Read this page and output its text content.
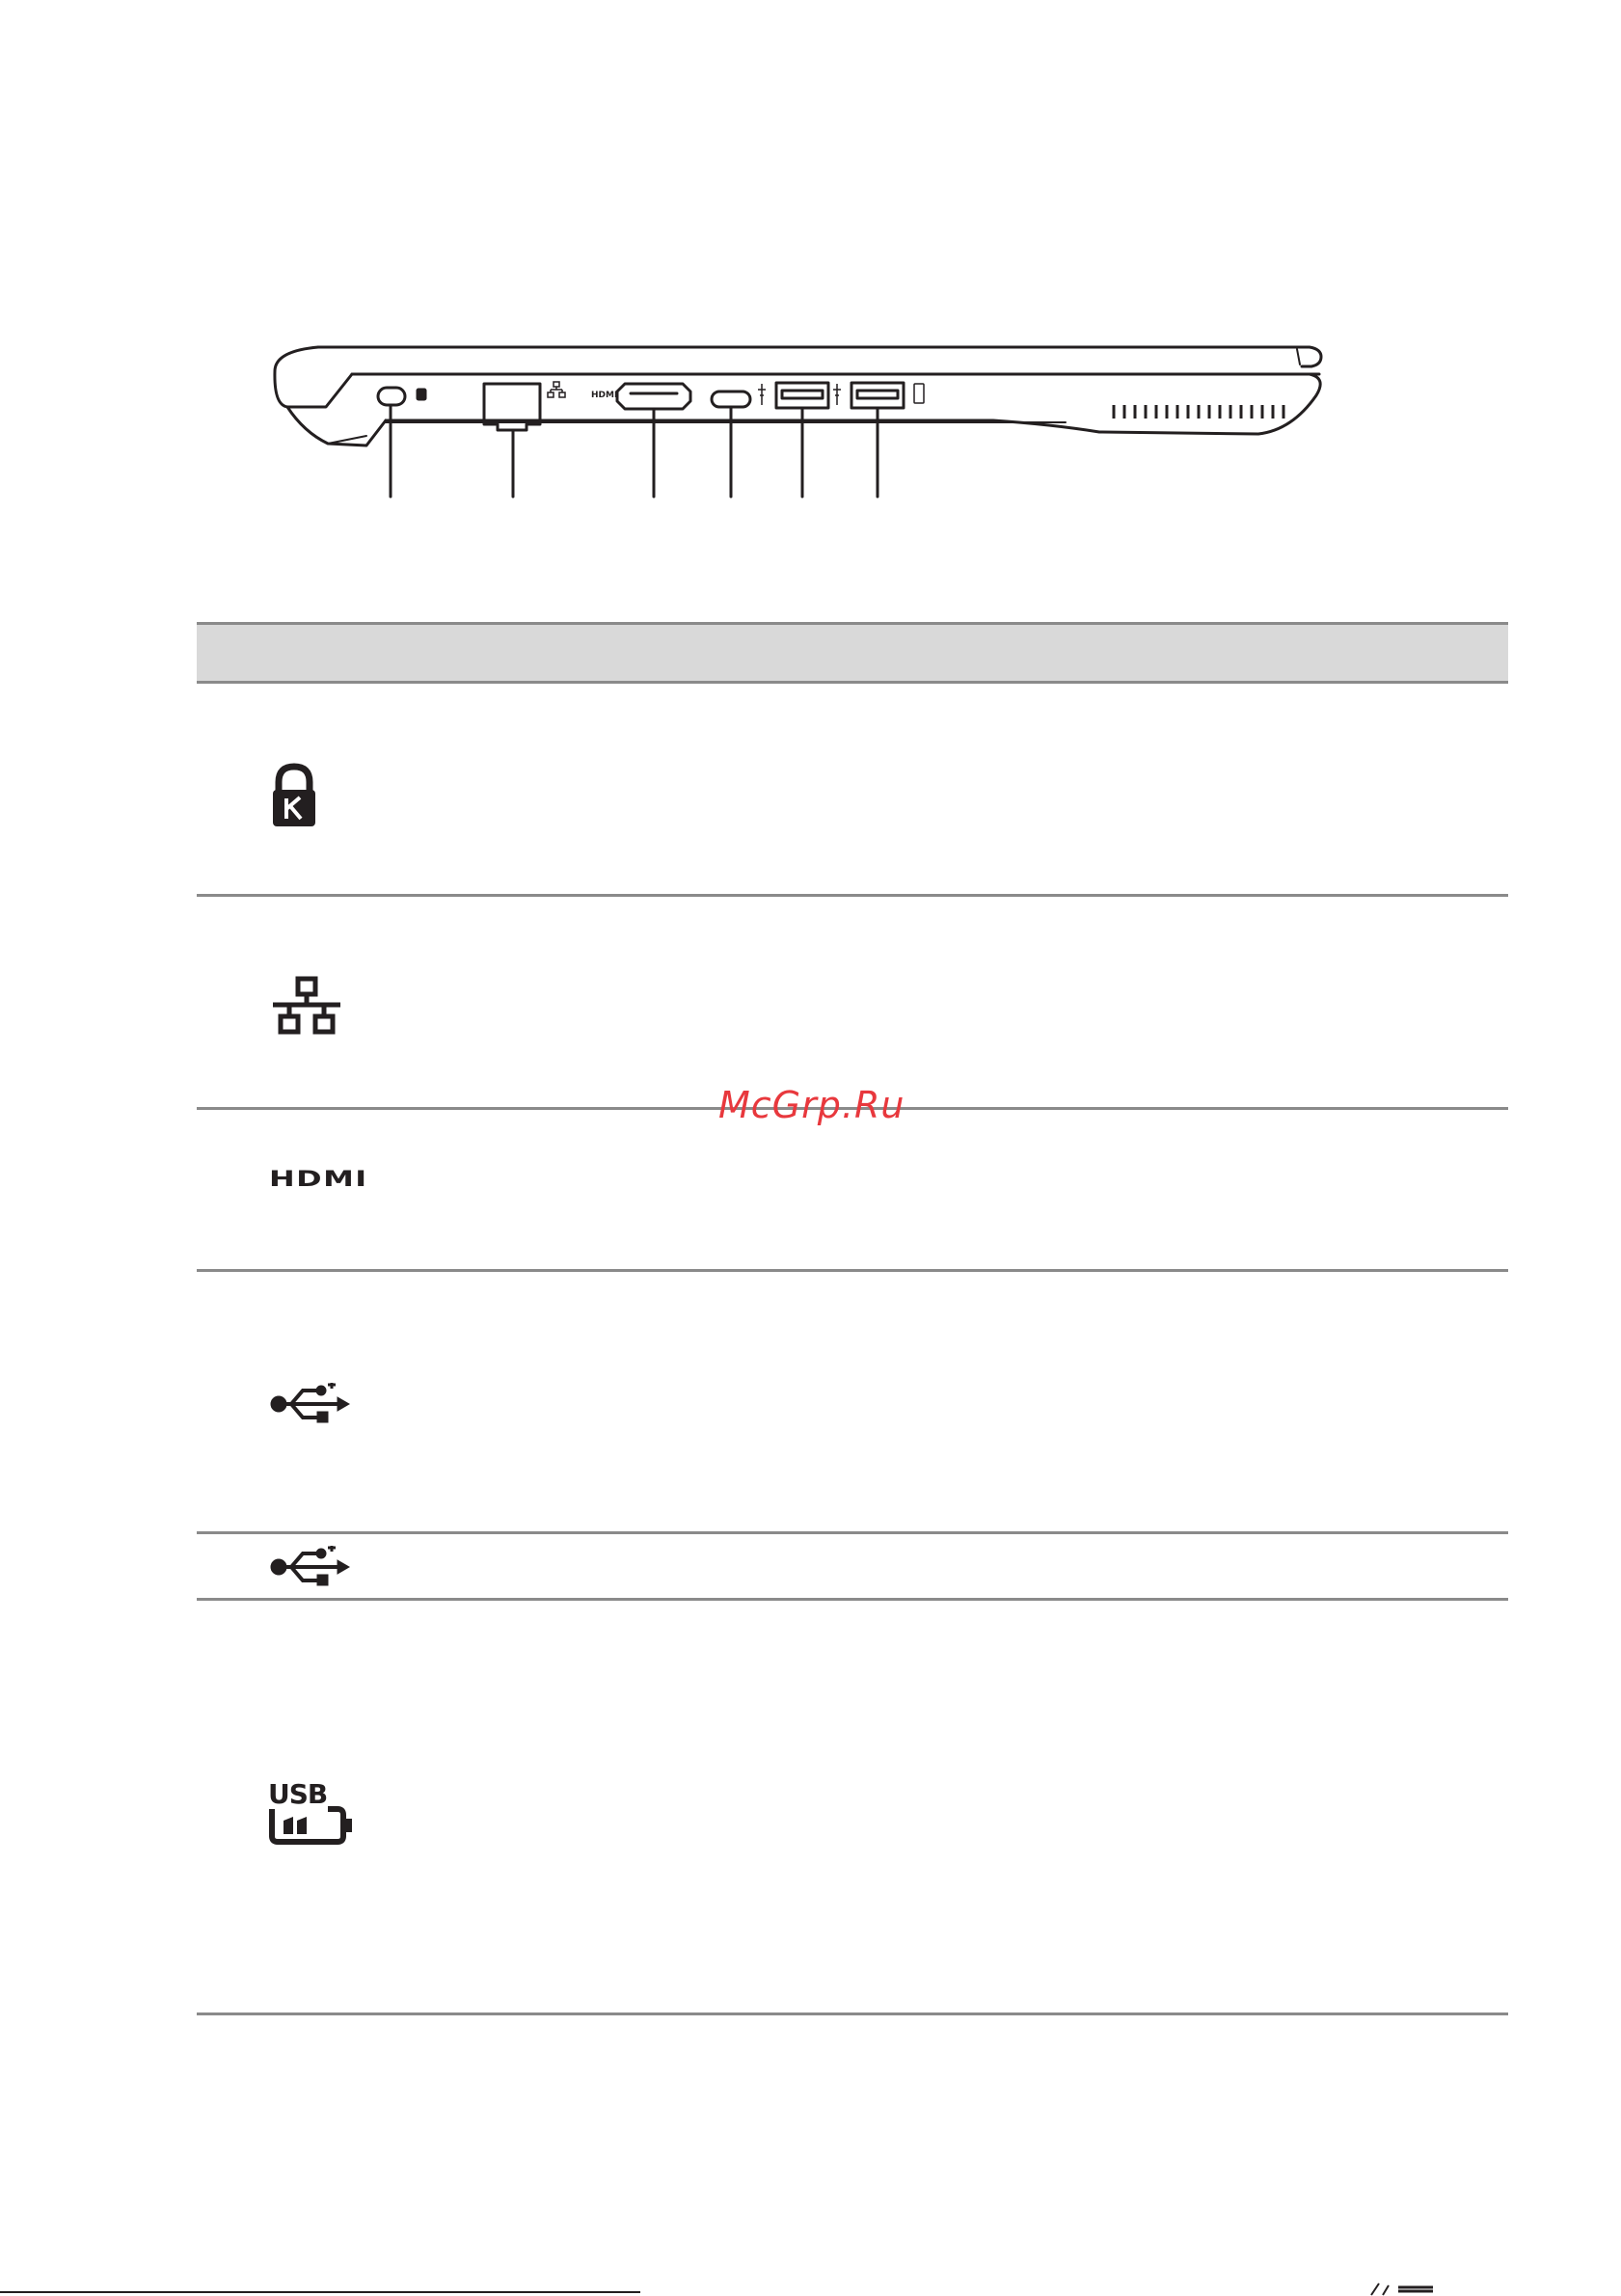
HDMI
HDMI
USB
McGrp.Ru
